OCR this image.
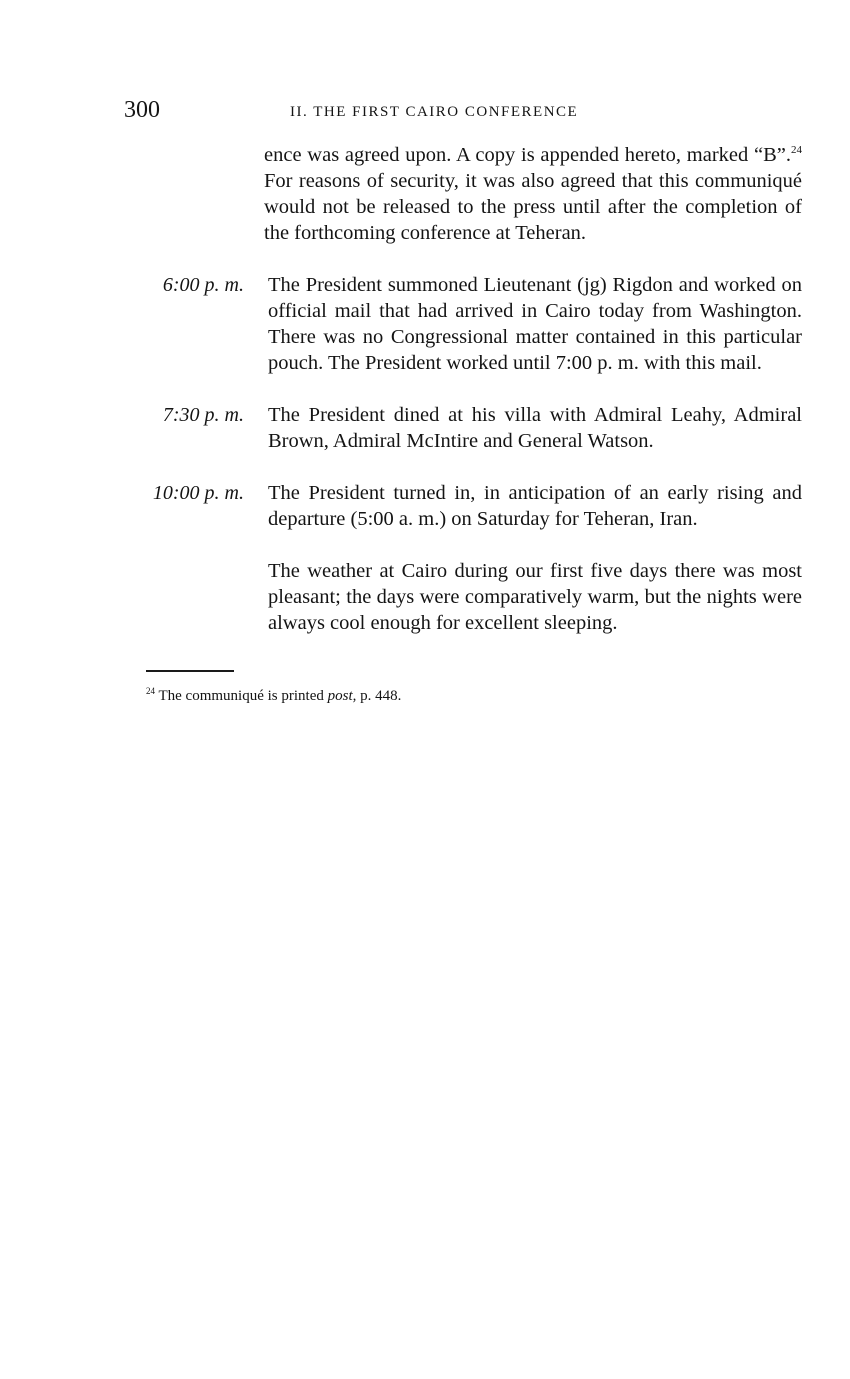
300	II. THE FIRST CAIRO CONFERENCE
ence was agreed upon. A copy is appended hereto, marked “B”.$^{24}$ For reasons of security, it was also agreed that this communiqué would not be released to the press until after the completion of the forthcoming conference at Teheran.
6:00 p. m. The President summoned Lieutenant (jg) Rigdon and worked on official mail that had arrived in Cairo today from Washington. There was no Congressional matter contained in this particular pouch. The President worked until 7:00 p. m. with this mail.
7:30 p. m. The President dined at his villa with Admiral Leahy, Admiral Brown, Admiral McIntire and General Watson.
10:00 p. m. The President turned in, in anticipation of an early rising and departure (5:00 a. m.) on Saturday for Teheran, Iran.
The weather at Cairo during our first five days there was most pleasant; the days were comparatively warm, but the nights were always cool enough for excellent sleeping.
$^{24}$ The communiqué is printed post, p. 448.
